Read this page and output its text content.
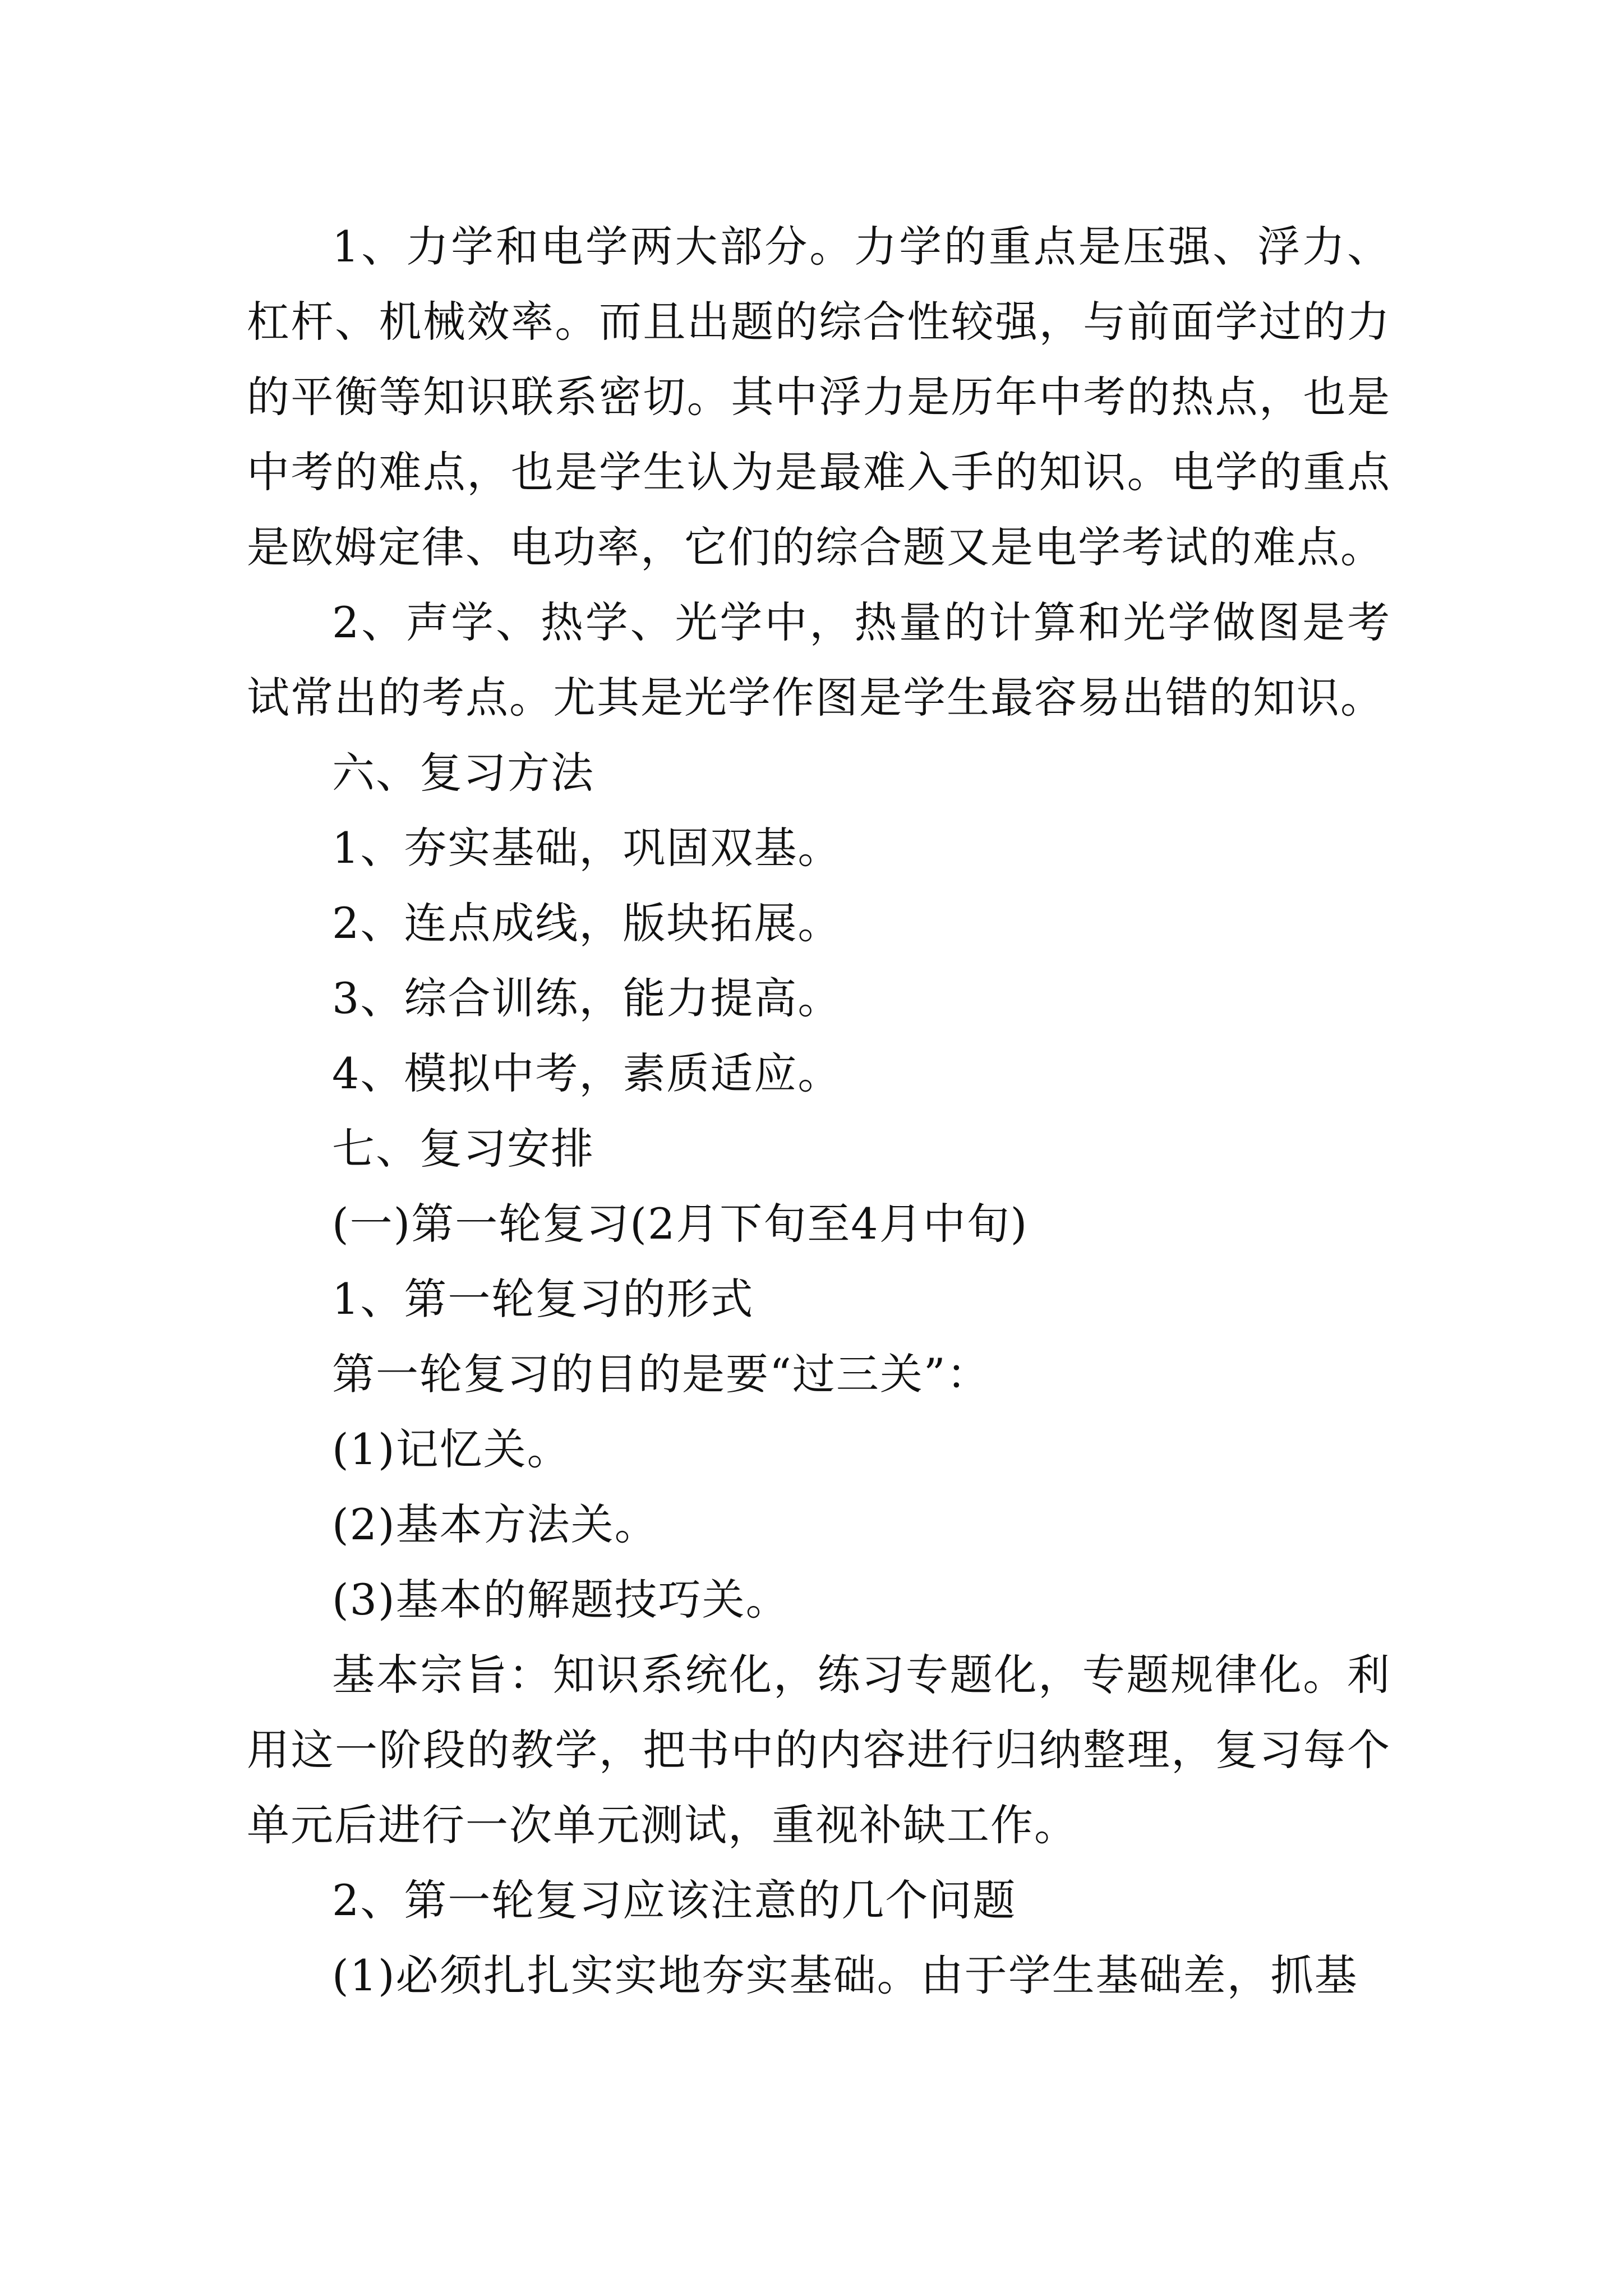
1、力学和电学两大部分。力学的重点是压强、浮力、杠杆、机械效率。而且出题的综合性较强，与前面学过的力的平衡等知识联系密切。其中浮力是历年中考的热点，也是中考的难点，也是学生认为是最难入手的知识。电学的重点是欧姆定律、电功率，它们的综合题又是电学考试的难点。

2、声学、热学、光学中，热量的计算和光学做图是考试常出的考点。尤其是光学作图是学生最容易出错的知识。

六、复习方法

1、夯实基础，巩固双基。

2、连点成线，版块拓展。

3、综合训练，能力提高。

4、模拟中考，素质适应。

七、复习安排

(一)第一轮复习(2月下旬至4月中旬)

1、第一轮复习的形式

第一轮复习的目的是要“过三关”：

(1)记忆关。

(2)基本方法关。

(3)基本的解题技巧关。

基本宗旨：知识系统化，练习专题化，专题规律化。利用这一阶段的教学，把书中的内容进行归纳整理，复习每个单元后进行一次单元测试，重视补缺工作。

2、第一轮复习应该注意的几个问题

(1)必须扎扎实实地夯实基础。由于学生基础差，抓基
